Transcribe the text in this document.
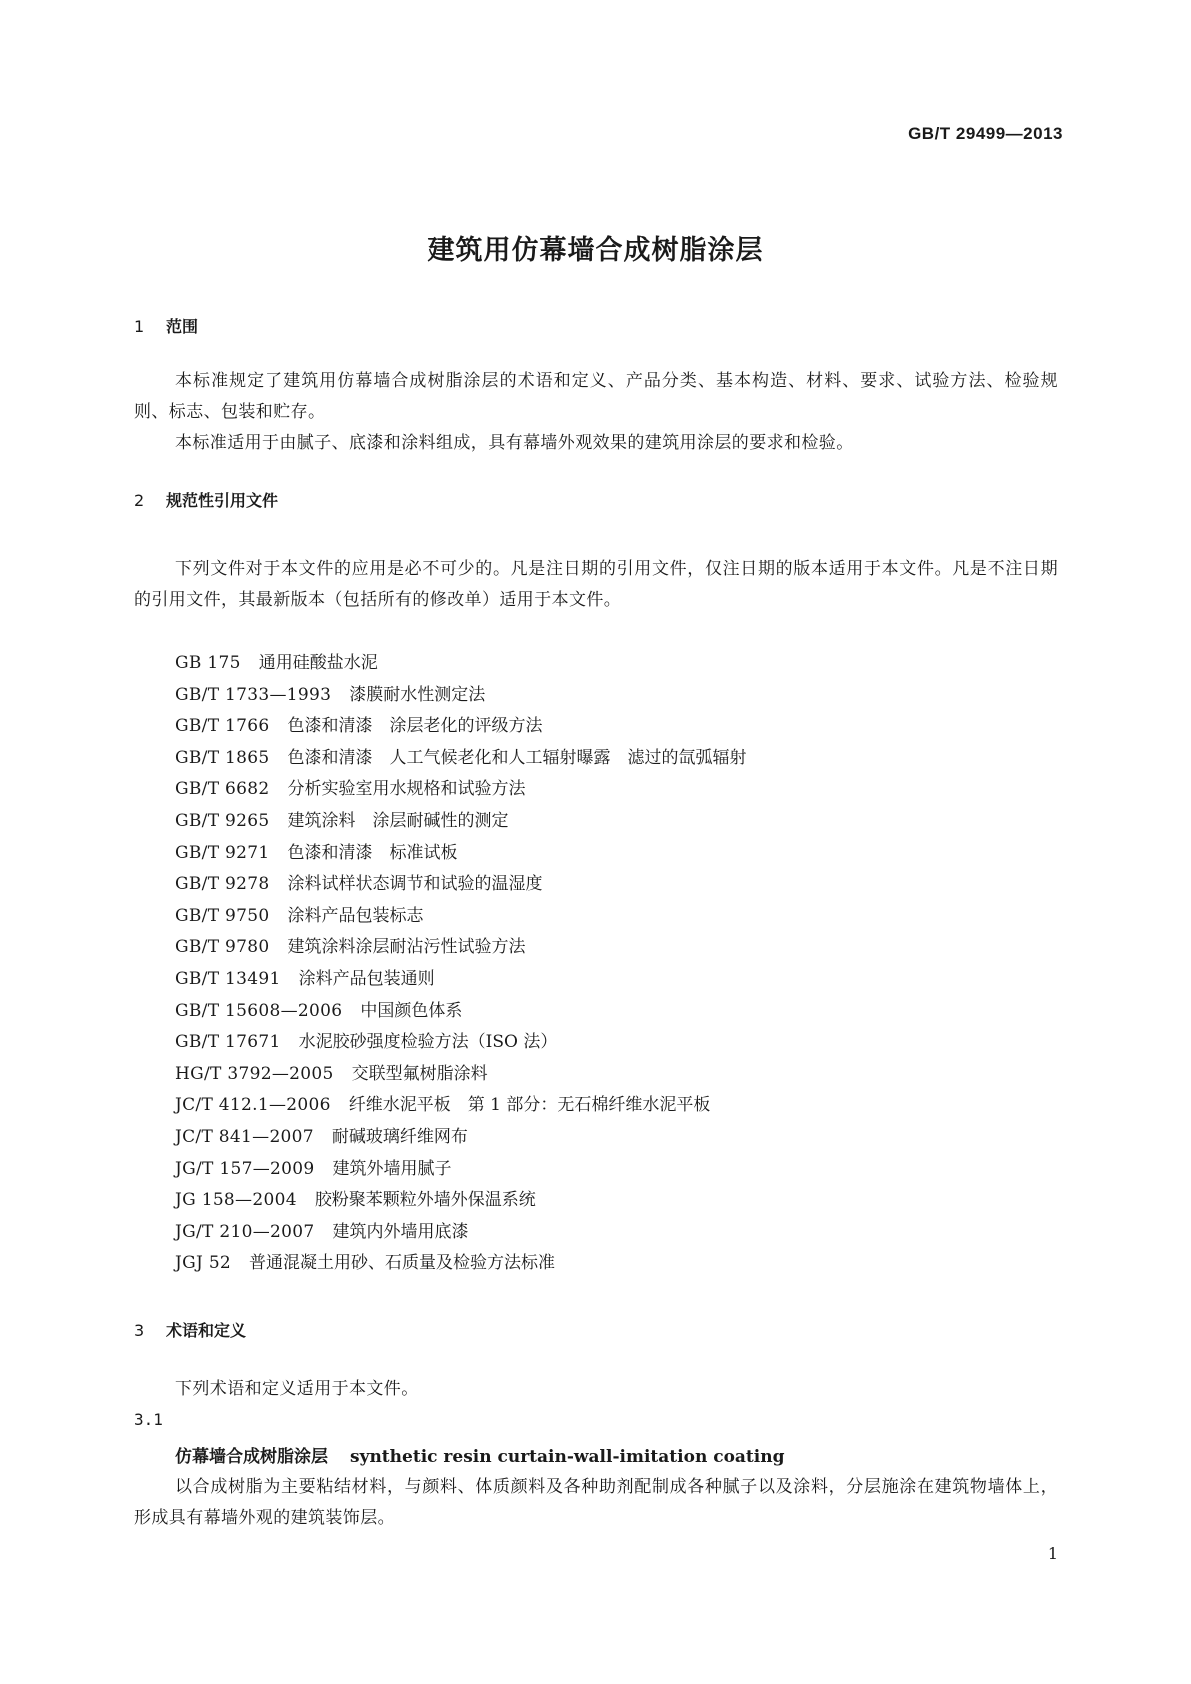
GB/T 29499—2013
建筑用仿幕墙合成树脂涂层
1 范围
本标准规定了建筑用仿幕墙合成树脂涂层的术语和定义、产品分类、基本构造、材料、要求、试验方法、检验规则、标志、包装和贮存。
本标准适用于由腻子、底漆和涂料组成，具有幕墙外观效果的建筑用涂层的要求和检验。
2 规范性引用文件
下列文件对于本文件的应用是必不可少的。凡是注日期的引用文件，仅注日期的版本适用于本文件。凡是不注日期的引用文件，其最新版本（包括所有的修改单）适用于本文件。
GB 175 通用硅酸盐水泥
GB/T 1733—1993 漆膜耐水性测定法
GB/T 1766 色漆和清漆　涂层老化的评级方法
GB/T 1865 色漆和清漆　人工气候老化和人工辐射曝露　滤过的氙弧辐射
GB/T 6682 分析实验室用水规格和试验方法
GB/T 9265 建筑涂料　涂层耐碱性的测定
GB/T 9271 色漆和清漆　标准试板
GB/T 9278 涂料试样状态调节和试验的温湿度
GB/T 9750 涂料产品包装标志
GB/T 9780 建筑涂料涂层耐沾污性试验方法
GB/T 13491 涂料产品包装通则
GB/T 15608—2006 中国颜色体系
GB/T 17671 水泥胶砂强度检验方法（ISO 法）
HG/T 3792—2005 交联型氟树脂涂料
JC/T 412.1—2006 纤维水泥平板　第 1 部分：无石棉纤维水泥平板
JC/T 841—2007 耐碱玻璃纤维网布
JG/T 157—2009 建筑外墙用腻子
JG 158—2004 胶粉聚苯颗粒外墙外保温系统
JG/T 210—2007 建筑内外墙用底漆
JGJ 52 普通混凝土用砂、石质量及检验方法标准
3 术语和定义
下列术语和定义适用于本文件。
3.1
仿幕墙合成树脂涂层 synthetic resin curtain-wall-imitation coating
以合成树脂为主要粘结材料，与颜料、体质颜料及各种助剂配制成各种腻子以及涂料，分层施涂在建筑物墙体上，形成具有幕墙外观的建筑装饰层。
1
